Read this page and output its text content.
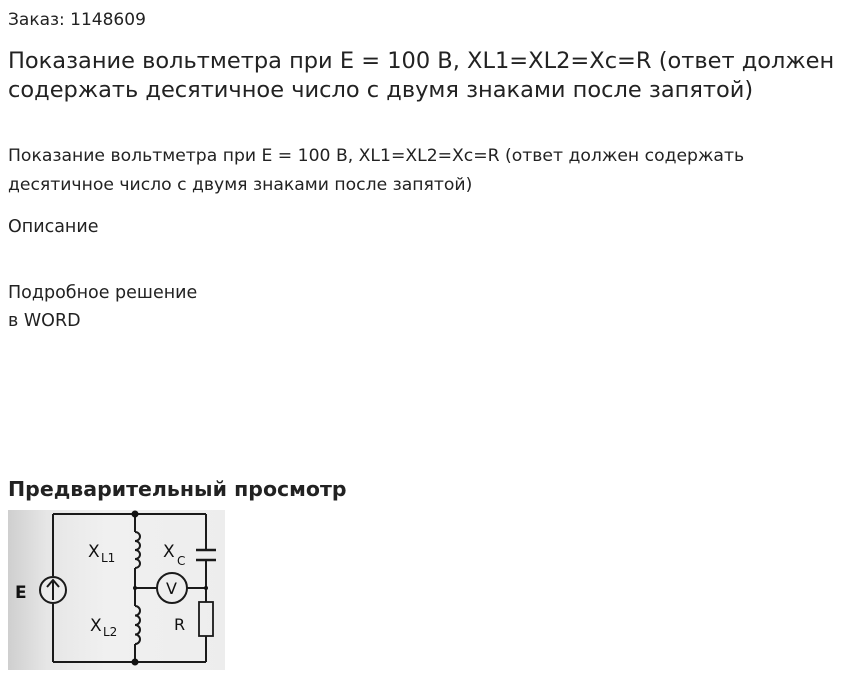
Заказ: 1148609
Показание вольтметра при E = 100 В, XL1=XL2=Xc=R (ответ должен содержать десятичное число с двумя знаками после запятой)

Показание вольтметра при E = 100 В, XL1=XL2=Xc=R (ответ должен содержать десятичное число с двумя знаками после запятой)

Описание
Подробное решение
в WORD
Предварительный просмотр
E
X L1
X L2
X C
V
R
